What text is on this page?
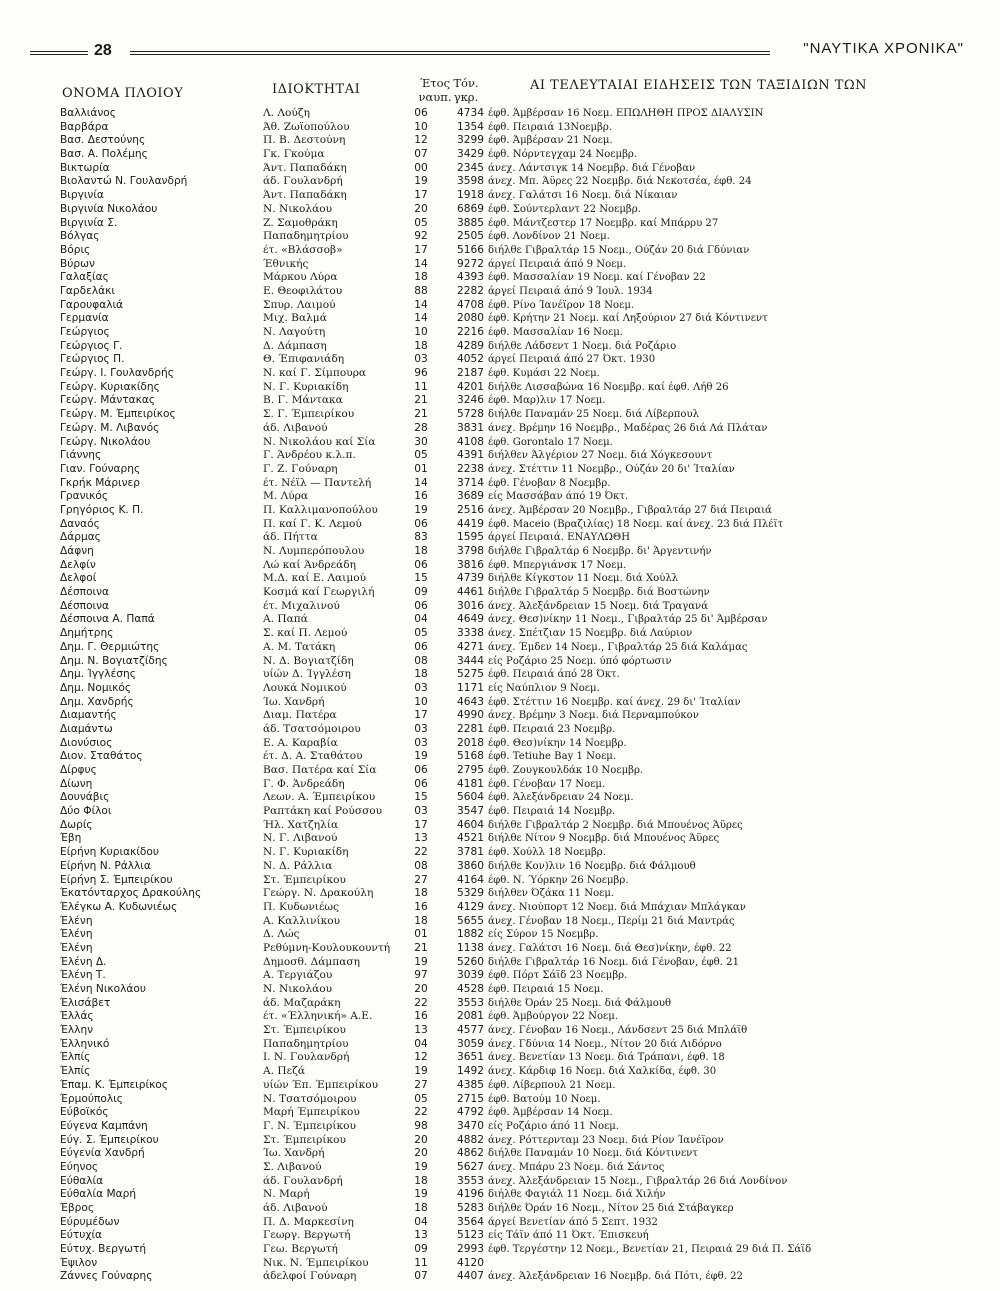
28	"ΝΑΥΤΙΚΑ ΧΡΟΝΙΚΑ"
ΟΝΟΜΑ ΠΛΟΙΟΥ	ΙΔΙΟΚΤΗΤΑΙ	Έτος ναυπ.
Τόν. γκρ.
ΑΙ ΤΕΛΕΥΤΑΙΑΙ ΕΙΔΗΣΕΙΣ ΤΩΝ ΤΑΞΙΔΙΩΝ ΤΩΝ
Βαλλιάνος	Λ. Λούζη	06	4734 έφθ. Άμβέρσαν 16 Νοεμ. ΕΠΩΛΗΘΗ ΠΡΟΣ ΔΙΑΛΥΣΙΝ
Βαρβάρα	Άθ. Ζωϊοπούλου	10	1354 έφθ. Πειραιά 13Νοεμβρ.
Βασ. Δεστούνης	Π. Β. Δεστούνη	12	3299 έφθ. Άμβέρσαν 21 Νοεμ.
Βασ. Α. Πολέμης	Γκ. Γκούμα	07	3429 έφθ. Νόρντεγχαμ 24 Νοεμβρ.
Βικτωρία	Άντ. Παπαδάκη	00	2345 άνεχ. Λάντσιγκ 14 Νοεμβρ. διά Γένοβαν
Βιολαντώ Ν. Γουλανδρή	άδ. Γουλανδρή	19	3598 άνεχ. Μπ. Άϋρες 22 Νοεμβρ. διά Νεκοτσέα, έφθ. 24
Βιργινία	Άντ. Παπαδάκη	17	1918 άνεχ. Γαλάτσι 16 Νοεμ. διά Νίκαιαν
Βιργινία Νικολάου	Ν. Νικολάου	20	6869 έφθ. Σούντερλαντ 22 Νοεμβρ.
Βιργινία Σ.	Ζ. Σαμοθράκη	05	3885 έφθ. Μάντζεστερ 17 Νοεμβρ. καί Μπάρρυ 27
Βόλγας	Παπαδημητρίου	92	2505 έφθ. Λονδίνον 21 Νοεμ.
Βόρις	έτ. «Βλάσσοβ»	17	5166 διήλθε Γιβραλτάρ 15 Νοεμ., Ούζάν 20 διά Γδύνιαν
Βύρων	Έθνικής	14	9272 άργεί Πειραιά άπό 9 Νοεμ.
Γαλαξίας	Μάρκου Λύρα	18	4393 έφθ. Μασσαλίαν 19 Νοεμ. καί Γένοβαν 22
Γαρδελάκι	Ε. Θεοφιλάτου	88	2282 άργεί Πειραιά άπό 9 Ίουλ. 1934
Γαρουφαλιά	Σπυρ. Λαιμού	14	4708 έφθ. Ρίνο Ίανέϊρον 18 Νοεμ.
Γερμανία	Μιχ. Βαλμά	14	2080 έφθ. Κρήτην 21 Νοεμ. καί Ληξούριον 27 διά Κόντινεντ
Γεώργιος	Ν. Λαγούτη	10	2216 έφθ. Μασσαλίαν 16 Νοεμ.
Γεώργιος Γ.	Δ. Δάμπαση	18	4289 διήλθε Λάδσεντ 1 Νοεμ. διά Ροζάριο
Γεώργιος Π.	Θ. Έπιφανιάδη	03	4052 άργεί Πειραιά άπό 27 Όκτ. 1930
Γεώργ. Ι. Γουλανδρής	Ν. καί Γ. Σίμπουρα	96	2187 έφθ. Κυμάσι 22 Νοεμ.
Γεώργ. Κυριακίδης	Ν. Γ. Κυριακίδη	11	4201 διήλθε Λισσαβώνα 16 Νοεμβρ. καί έφθ. Λήθ 26
Γεώργ. Μάντακας	Β. Γ. Μάντακα	21	3246 έφθ. Μαρ)λιν 17 Νοεμ.
Γεώργ. Μ. Έμπειρίκος	Σ. Γ. Έμπειρίκου	21	5728 διήλθε Παναμάν 25 Νοεμ. διά Λίβερπουλ
Γεώργ. Μ. Λιβανός	άδ. Λιβανού	28	3831 άνεχ. Βρέμην 16 Νοεμβρ., Μαδέρας 26 διά Λά Πλάταν
Γεώργ. Νικολάου	Ν. Νικολάου καί Σία	30	4108 έφθ. Gorontalo 17 Νοεμ.
Γιάννης	Γ. Άνδρέου κ.λ.π.	05	4391 διήλθεν Άλγέριον 27 Νοεμ. διά Χόγκεσουντ
Γιαν. Γούναρης	Γ. Ζ. Γούναρη	01	2238 άνεχ. Στέττιν 11 Νοεμβρ., Ούζάν 20 δι' Ίταλίαν
Γκρήκ Μάρινερ	έτ. Νέϊλ — Παντελή	14	3714 έφθ. Γένοβαν 8 Νοεμβρ.
Γρανικός	Μ. Λύρα	16	3689 είς Μασσάβαν άπό 19 Όκτ.
Γρηγόριος Κ. Π.	Π. Καλλιμανοπούλου	19	2516 άνεχ. Άμβέρσαν 20 Νοεμβρ., Γιβραλτάρ 27 διά Πειραιά
Δαναός	Π. καί Γ. Κ. Λεμού	06	4419 έφθ. Maceio (Βραζιλίας) 18 Νοεμ. καί άνεχ. 23 διά Πλέϊτ
Δάρμας	άδ. Πήττα	83	1595 άργεί Πειραιά. ΕΝΑΥΛΩΘΗ
Δάφνη	Ν. Λυμπερόπουλου	18	3798 διήλθε Γιβραλτάρ 6 Νοεμβρ. δι' Άργεντινήν
Δελφίν	Λώ καί Άνδρεάδη	06	3816 έφθ. Μπεργιάνσκ 17 Νοεμ.
Δελφοί	Μ.Δ. καί Ε. Λαιμού	15	4739 διήλθε Κίγκστον 11 Νοεμ. διά Χούλλ
Δέσποινα	Κοσμά καί Γεωργιλή	09	4461 διήλθε Γιβραλτάρ 5 Νοεμβρ. διά Βοστώνην
Δέσποινα	έτ. Μιχαλινού	06	3016 άνεχ. Άλεξάνδρειαν 15 Νοεμ. διά Τραγανά
Δέσποινα Α. Παπά	Α. Παπά	04	4649 άνεχ. Θεσ)νίκην 11 Νοεμ., Γιβραλτάρ 25 δι' Άμβέρσαν
Δημήτρης	Σ. καί Π. Λεμού	05	3338 άνεχ. Σπέτζιαν 15 Νοεμβρ. διά Λαύριον
Δημ. Γ. Θερμιώτης	Α. Μ. Τατάκη	06	4271 άνεχ. Έμδεν 14 Νοεμ., Γιβραλτάρ 25 διά Καλάμας
Δημ. Ν. Βογιατζίδης	Ν. Δ. Βογιατζίδη	08	3444 είς Ροζάριο 25 Νοεμ. ύπό φόρτωσιν
Δημ. Ίγγλέσης	υίών Δ. Ίγγλέση	18	5275 έφθ. Πειραιά άπό 28 Όκτ.
Δημ. Νομικός	Λουκά Νομικού	03	1171 είς Ναύπλιον 9 Νοεμ.
Δημ. Χανδρής	Ίω. Χανδρή	10	4643 έφθ. Στέττιν 16 Νοεμβρ. καί άνεχ. 29 δι' Ίταλίαν
Διαμαντής	Διαμ. Πατέρα	17	4990 άνεχ. Βρέμην 3 Νοεμ. διά Περναμπούκον
Διαμάντω	άδ. Τσατσόμοιρου	03	2281 έφθ. Πειραιά 23 Νοεμβρ.
Διονύσιος	Ε. Α. Καραβία	03	2018 έφθ. Θεσ)νίκην 14 Νοεμβρ.
Διον. Σταθάτος	έτ. Δ. Α. Σταθάτου	19	5168 έφθ. Tetiuhe Bay 1 Νοεμ.
Δίρφυς	Βασ. Πατέρα καί Σία	06	2795 έφθ. Ζουγκουλδάκ 10 Νοεμβρ.
Δίωνη	Γ. Φ. Άνδρεάδη	06	4181 έφθ. Γένοβαν 17 Νοεμ.
Δουνάβις	Λεων. Α. Έμπειρίκου	15	5604 έφθ. Άλεξάνδρειαν 24 Νοεμ.
Δύο Φίλοι	Ραπτάκη καί Ρούσσου	03	3547 έφθ. Πειραιά 14 Νοεμβρ.
Δωρίς	Ήλ. Χατζηλία	17	4604 διήλθε Γιβραλτάρ 2 Νοεμβρ. διά Μπουένος Άϋρες
Έβη	Ν. Γ. Λιβανού	13	4521 διήλθε Νίτον 9 Νοεμβρ. διά Μπουένος Άϋρες
Είρήνη Κυριακίδου	Ν. Γ. Κυριακίδη	22	3781 έφθ. Χούλλ 18 Νοεμβρ.
Είρήνη Ν. Ράλλια	Ν. Δ. Ράλλια	08	3860 διήλθε Κον)λιν 16 Νοεμβρ. διά Φάλμουθ
Είρήνη Σ. Έμπειρίκου	Στ. Έμπειρίκου	27	4164 έφθ. Ν. Ύόρκην 26 Νοεμβρ.
Έκατόνταρχος Δρακούλης	Γεώργ. Ν. Δρακούλη	18	5329 διήλθεν Όζάκα 11 Νοεμ.
Έλέγκω Α. Κυδωνιέως	Π. Κυδωνιέως	16	4129 άνεχ. Νιούπορτ 12 Νοεμ. διά Μπάχιαν Μπλάγκαν
Έλένη	Α. Καλλινίκου	18	5655 άνεχ. Γένοβαν 18 Νοεμ., Περίμ 21 διά Μαντράς
Έλένη	Δ. Λώς	01	1882 είς Σύρον 15 Νοεμβρ.
Έλένη	Ρεθύμνη-Κουλουκουντή	21	1138 άνεχ. Γαλάτσι 16 Νοεμ. διά Θεσ)νίκην, έφθ. 22
Έλένη Δ.	Δημοσθ. Δάμπαση	19	5260 διήλθε Γιβραλτάρ 16 Νοεμ. διά Γένοβαν, έφθ. 21
Έλένη Τ.	Α. Τεργιάζου	97	3039 έφθ. Πόρτ Σάϊδ 23 Νοεμβρ.
Έλένη Νικολάου	Ν. Νικολάου	20	4528 έφθ. Πειραιά 15 Νοεμ.
Έλισάβετ	άδ. Μαζαράκη	22	3553 διήλθε Όράν 25 Νοεμ. διά Φάλμουθ
Έλλάς	έτ. «Έλληνική» Α.Ε.	16	2081 έφθ. Άμβούργον 22 Νοεμ.
Έλλην	Στ. Έμπειρίκου	13	4577 άνεχ. Γένοβαν 16 Νοεμ., Λάνδσεντ 25 διά Μπλάϊθ
Έλληνικό	Παπαδημητρίου	04	3059 άνεχ. Γδύνια 14 Νοεμ., Νίτον 20 διά Λιδόρνο
Έλπίς	Ι. Ν. Γουλανδρή	12	3651 άνεχ. Βενετίαν 13 Νοεμ. διά Τράπανι, έφθ. 18
Έλπίς	Α. Πεζά	19	1492 άνεχ. Κάρδιφ 16 Νοεμ. διά Χαλκίδα, έφθ. 30
Έπαμ. Κ. Έμπειρίκος	υίών Έπ. Έμπειρίκου	27	4385 έφθ. Λίβερπουλ 21 Νοεμ.
Έρμούπολις	Ν. Τσατσόμοιρου	05	2715 έφθ. Βατούμ 10 Νοεμ.
Εύβοϊκός	Μαρή Έμπειρίκου	22	4792 έφθ. Άμβέρσαν 14 Νοεμ.
Εύγενα Καμπάνη	Γ. Ν. Έμπειρίκου	98	3470 είς Ροζάριο άπό 11 Νοεμ.
Εύγ. Σ. Έμπειρίκου	Στ. Έμπειρίκου	20	4882 άνεχ. Ρόττερνταμ 23 Νοεμ. διά Ρίον Ίανέϊρον
Εύγενία Χανδρή	Ίω. Χανδρή	20	4862 διήλθε Παναμάν 10 Νοεμ. διά Κόντινεντ
Εύηνος	Σ. Λιβανού	19	5627 άνεχ. Μπάρυ 23 Νοεμ. διά Σάντος
Εύθαλία	άδ. Γουλανδρή	18	3553 άνεχ. Άλεξάνδρειαν 15 Νοεμ., Γιβραλτάρ 26 διά Λονδίνον
Εύθαλία Μαρή	Ν. Μαρή	19	4196 διήλθε Φαγιάλ 11 Νοεμ. διά Χιλήν
Έβρος	άδ. Λιβανού	18	5283 διήλθε Όράν 16 Νοεμ., Νίτον 25 διά Στάβαγκερ
Εύρυμέδων	Π. Δ. Μαρκεσίνη	04	3564 άργεί Βενετίαν άπό 5 Σεπτ. 1932
Εύτυχία	Γεωργ. Βεργωτή	13	5123 είς Τάϊν άπό 11 Όκτ. Έπισκευή
Εύτυχ. Βεργωτή	Γεω. Βεργωτή	09	2993 έφθ. Τεργέστην 12 Νοεμ., Βενετίαν 21, Πειραιά 29 διά Π. Σάϊδ
Έψιλον	Νικ. Ν. Έμπειρίκου	11	4120
Ζάννες Γούναρης	άδελφοί Γούναρη	07	4407 άνεχ. Άλεξάνδρειαν 16 Νοεμβρ. διά Πότι, έφθ. 22
